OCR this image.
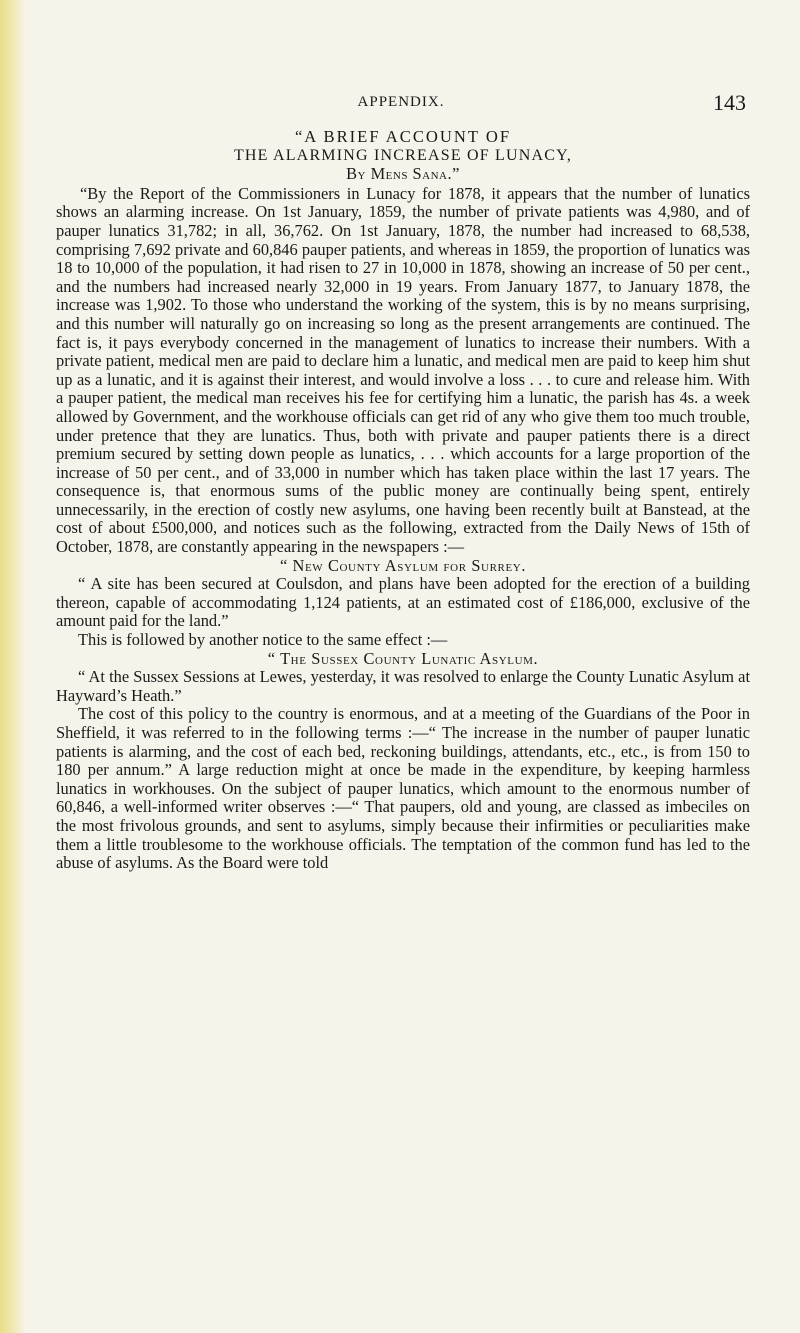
APPENDIX.	143
“A BRIEF ACCOUNT OF
THE ALARMING INCREASE OF LUNACY,
By Mens Sana.”

“By the Report of the Commissioners in Lunacy for 1878, it appears that the number of lunatics shows an alarming increase. On 1st January, 1859, the number of private patients was 4,980, and of pauper lunatics 31,782; in all, 36,762. On 1st January, 1878, the number had increased to 68,538, comprising 7,692 private and 60,846 pauper patients, and whereas in 1859, the proportion of lunatics was 18 to 10,000 of the population, it had risen to 27 in 10,000 in 1878, showing an increase of 50 per cent., and the numbers had increased nearly 32,000 in 19 years. From January 1877, to January 1878, the increase was 1,902. To those who understand the working of the system, this is by no means surprising, and this number will naturally go on increasing so long as the present arrangements are continued. The fact is, it pays everybody concerned in the management of lunatics to increase their numbers. With a private patient, medical men are paid to declare him a lunatic, and medical men are paid to keep him shut up as a lunatic, and it is against their interest, and would involve a loss . . . to cure and release him. With a pauper patient, the medical man receives his fee for certifying him a lunatic, the parish has 4s. a week allowed by Government, and the workhouse officials can get rid of any who give them too much trouble, under pretence that they are lunatics. Thus, both with private and pauper patients there is a direct premium secured by setting down people as lunatics, . . . which accounts for a large proportion of the increase of 50 per cent., and of 33,000 in number which has taken place within the last 17 years. The consequence is, that enormous sums of the public money are continually being spent, entirely unnecessarily, in the erection of costly new asylums, one having been recently built at Banstead, at the cost of about £500,000, and notices such as the following, extracted from the Daily News of 15th of October, 1878, are constantly appearing in the newspapers :—

“ New County Asylum for Surrey.

“ A site has been secured at Coulsdon, and plans have been adopted for the erection of a building thereon, capable of accommodating 1,124 patients, at an estimated cost of £186,000, exclusive of the amount paid for the land.”

This is followed by another notice to the same effect :—

“ The Sussex County Lunatic Asylum.

“ At the Sussex Sessions at Lewes, yesterday, it was resolved to enlarge the County Lunatic Asylum at Hayward’s Heath.”

The cost of this policy to the country is enormous, and at a meeting of the Guardians of the Poor in Sheffield, it was referred to in the following terms :—“ The increase in the number of pauper lunatic patients is alarming, and the cost of each bed, reckoning buildings, attendants, etc., etc., is from 150 to 180 per annum.” A large reduction might at once be made in the expenditure, by keeping harmless lunatics in workhouses. On the subject of pauper lunatics, which amount to the enormous number of 60,846, a well-informed writer observes :—“ That paupers, old and young, are classed as imbeciles on the most frivolous grounds, and sent to asylums, simply because their infirmities or peculiarities make them a little troublesome to the workhouse officials. The temptation of the common fund has led to the abuse of asylums. As the Board were told
